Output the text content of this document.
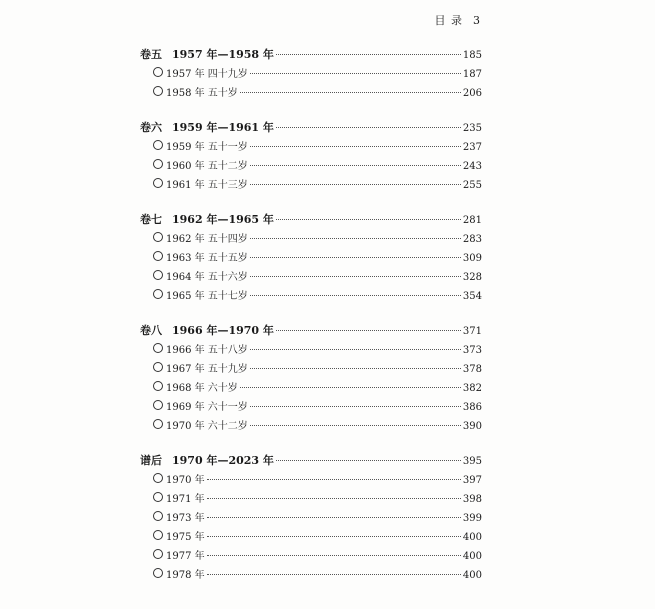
目 录 3
卷五 1957 年—1958 年	185
1957 年 四十九岁	187
1958 年 五十岁	206
卷六 1959 年—1961 年	235
1959 年 五十一岁	237
1960 年 五十二岁	243
1961 年 五十三岁	255
卷七 1962 年—1965 年	281
1962 年 五十四岁	283
1963 年 五十五岁	309
1964 年 五十六岁	328
1965 年 五十七岁	354
卷八 1966 年—1970 年	371
1966 年 五十八岁	373
1967 年 五十九岁	378
1968 年 六十岁	382
1969 年 六十一岁	386
1970 年 六十二岁	390
谱后 1970 年—2023 年	395
1970 年	397
1971 年	398
1973 年	399
1975 年	400
1977 年	400
1978 年	400
